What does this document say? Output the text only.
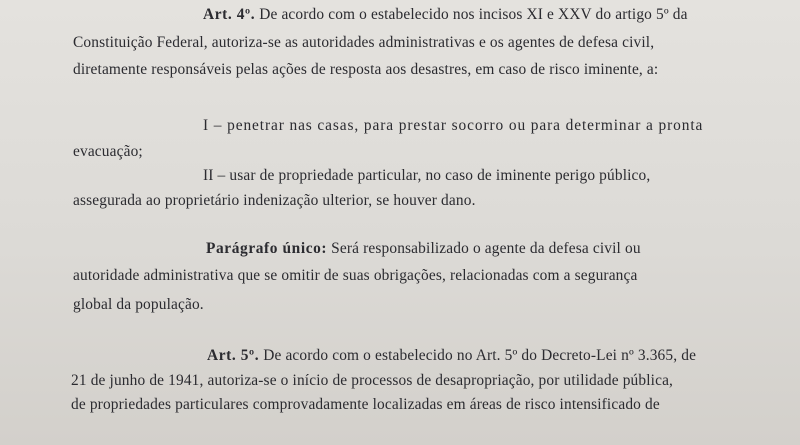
Art. 4º. De acordo com o estabelecido nos incisos XI e XXV do artigo 5º da
Constituição Federal, autoriza-se as autoridades administrativas e os agentes de defesa civil,
diretamente responsáveis pelas ações de resposta aos desastres, em caso de risco iminente, a:
I – penetrar nas casas, para prestar socorro ou para determinar a pronta
evacuação;
II – usar de propriedade particular, no caso de iminente perigo público,
assegurada ao proprietário indenização ulterior, se houver dano.
Parágrafo único: Será responsabilizado o agente da defesa civil ou
autoridade administrativa que se omitir de suas obrigações, relacionadas com a segurança
global da população.
Art. 5º. De acordo com o estabelecido no Art. 5º do Decreto-Lei nº 3.365, de
21 de junho de 1941, autoriza-se o início de processos de desapropriação, por utilidade pública,
de propriedades particulares comprovadamente localizadas em áreas de risco intensificado de
